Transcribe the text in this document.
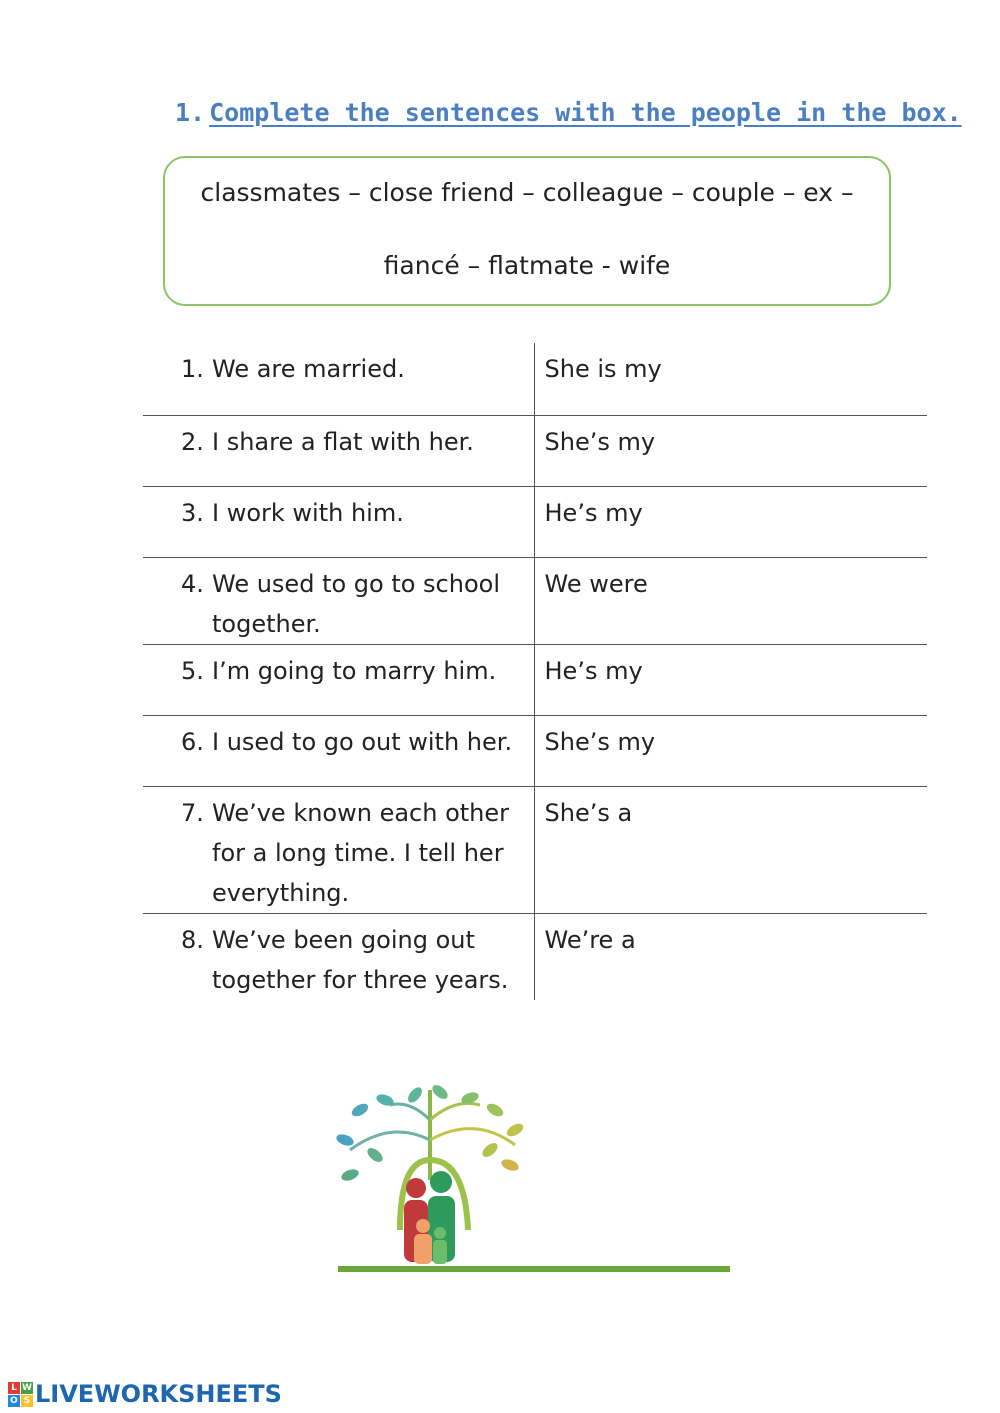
1. Complete the sentences with the people in the box.
classmates – close friend – colleague – couple – ex –
fiancé – flatmate - wife
1. We are married.	She is my

2. I share a flat with her.	She’s my

3. I work with him.	He’s my

4. We used to go to school
together.	We were

5. I’m going to marry him.	He’s my

6. I used to go out with her.	She’s my

7. We’ve known each other
for a long time. I tell her
everything.	She’s a

8. We’ve been going out
together for three years.	We’re a
L W
O S LIVEWORKSHEETS
